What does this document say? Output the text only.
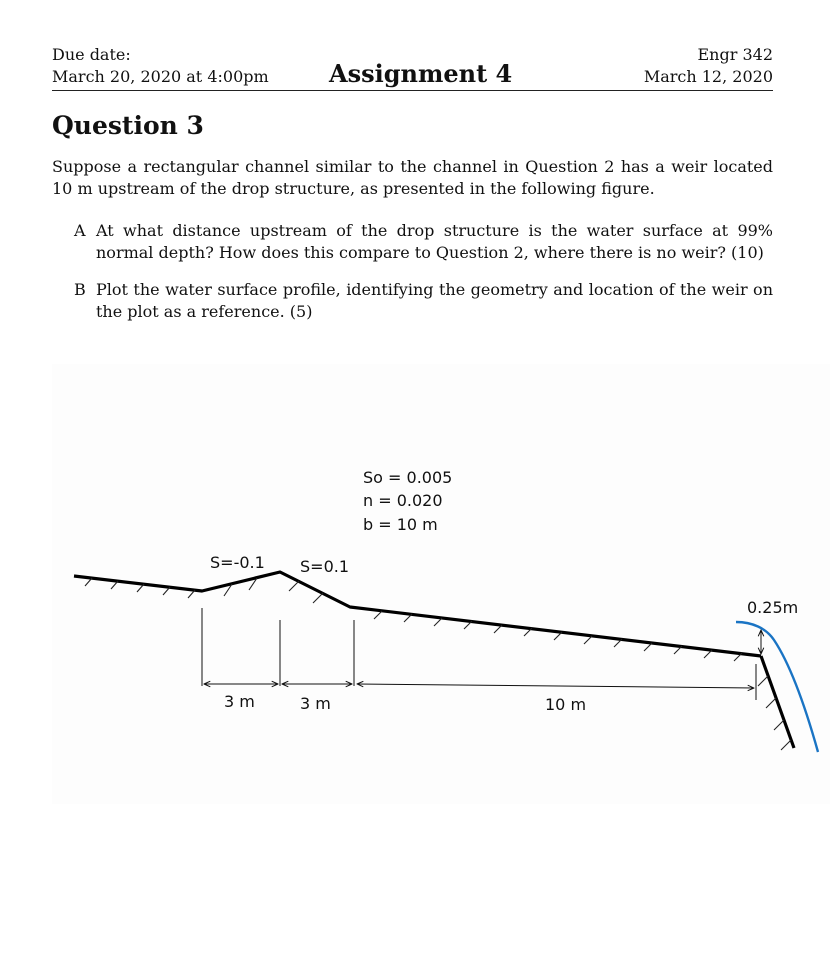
Due date:
March 20, 2020 at 4:00pm	Assignment 4
Engr 342
March 12, 2020
Question 3

Suppose a rectangular channel similar to the channel in Question 2 has a weir located 10 m upstream of the drop structure, as presented in the following figure.

A At what distance upstream of the drop structure is the water surface at 99% normal depth? How does this compare to Question 2, where there is no weir? (10)
B Plot the water surface profile, identifying the geometry and location of the weir on the plot as a reference. (5)
So = 0.005
n = 0.020
b = 10 m
S=-0.1 S=0.1
0.25m
3 m	3 m	10 m
